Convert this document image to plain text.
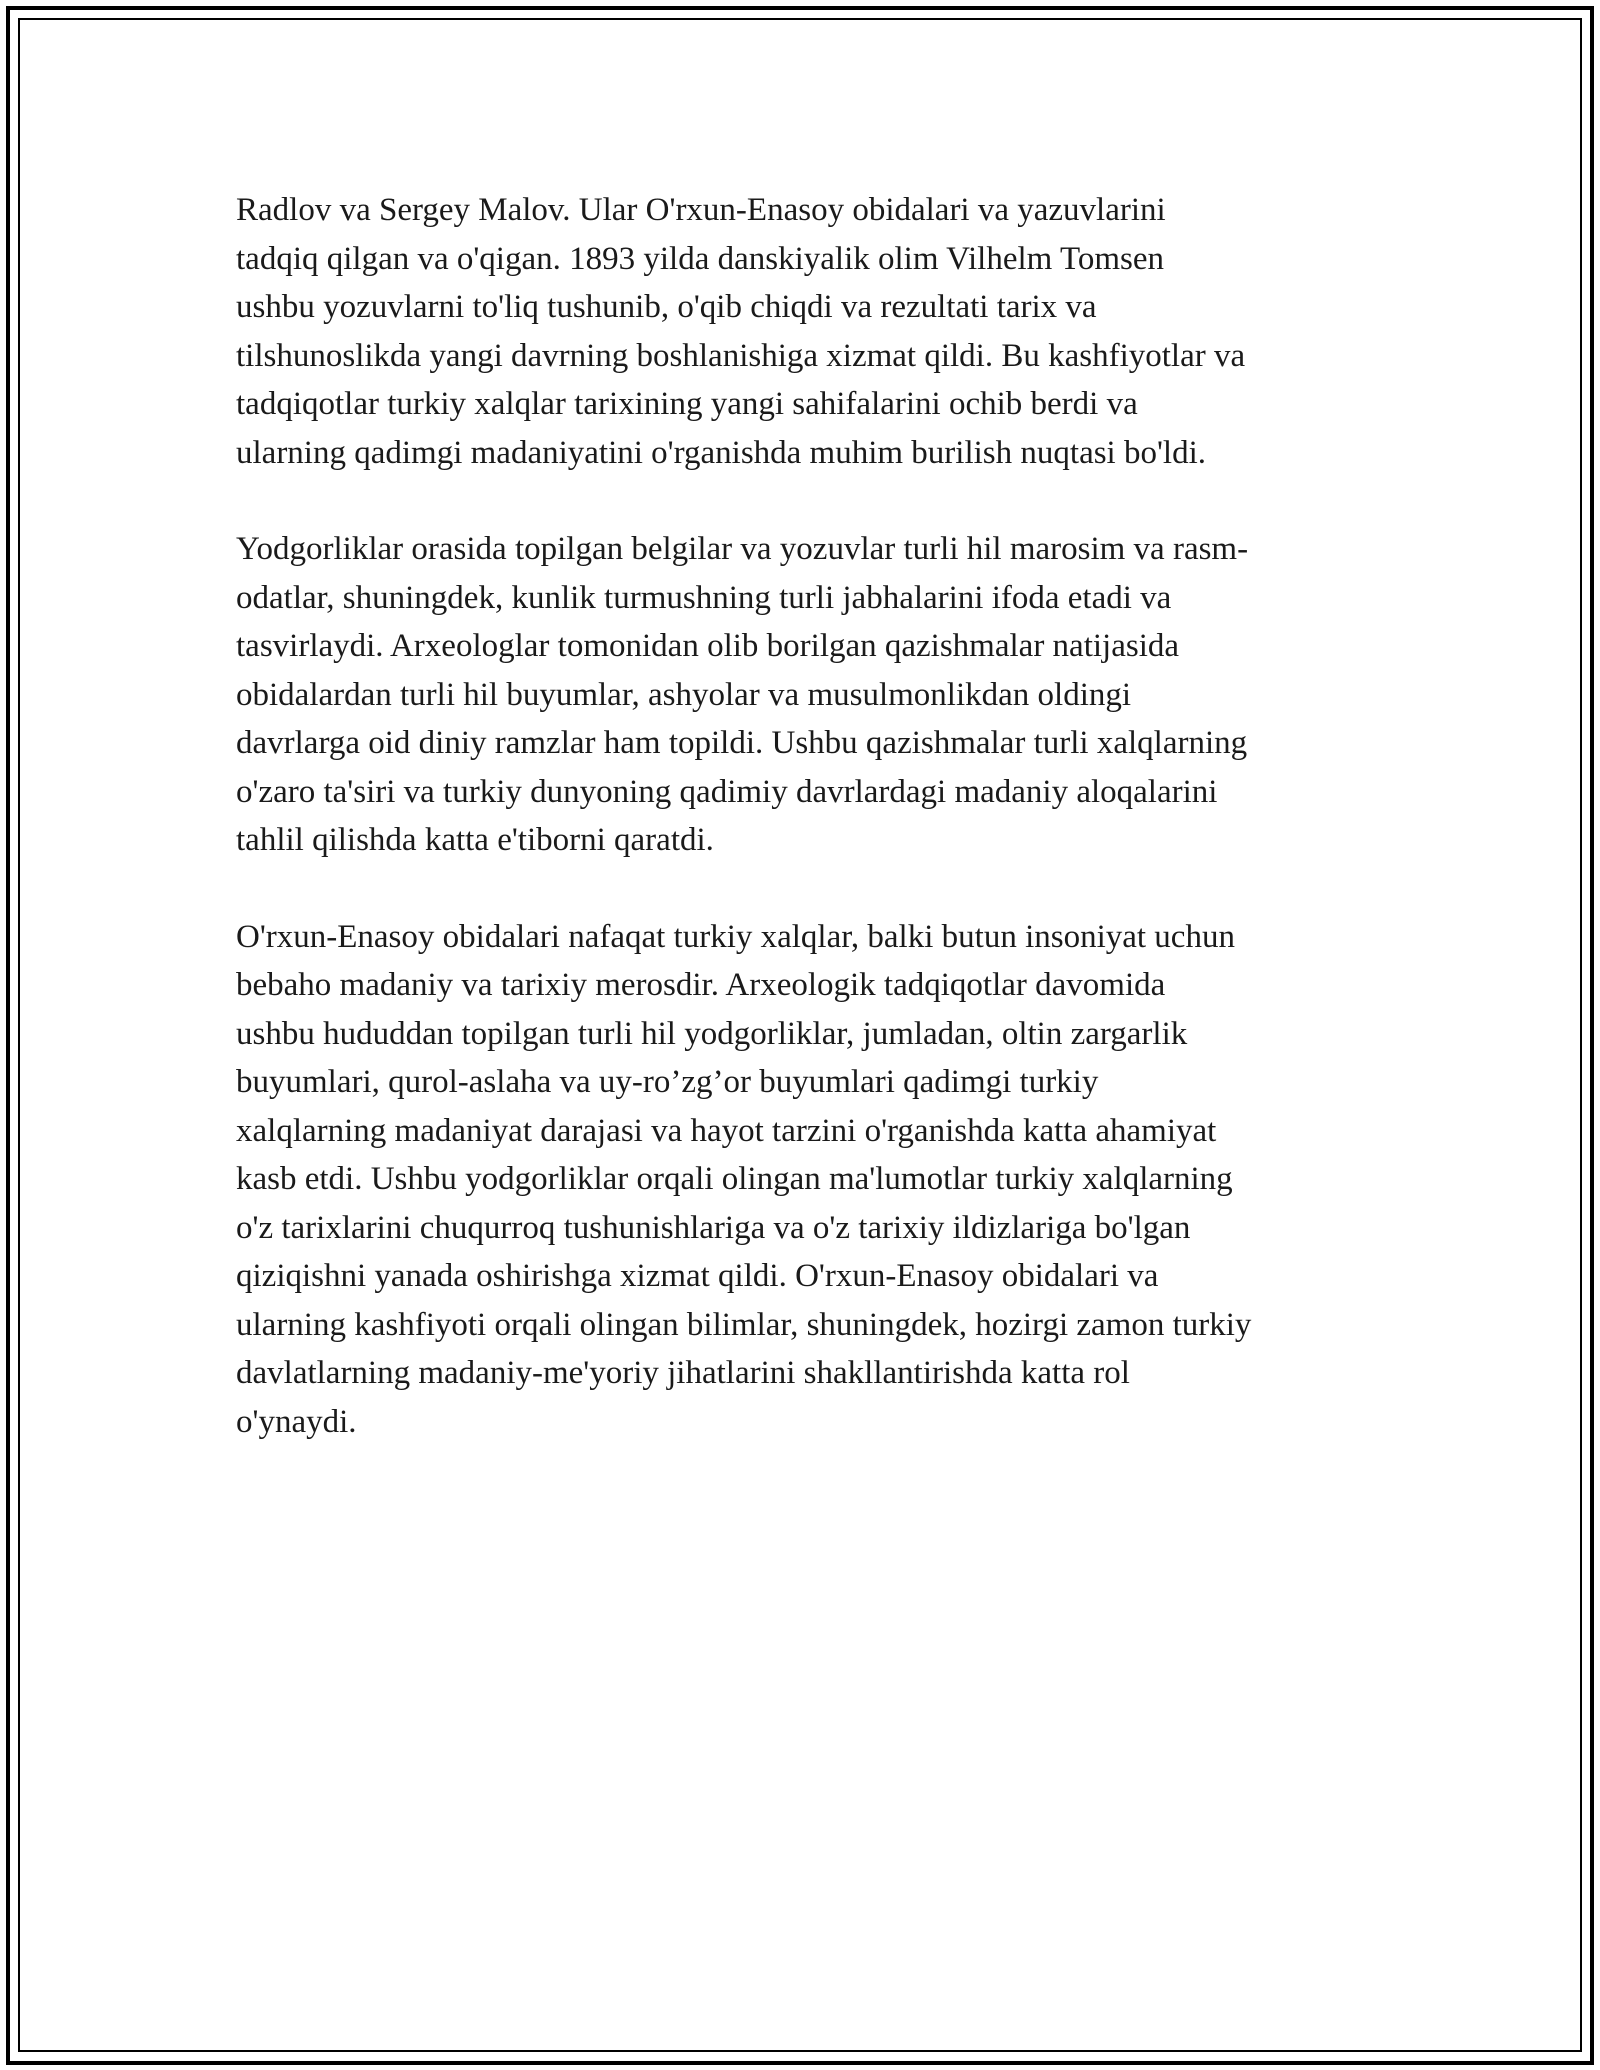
Radlov va Sergey Malov. Ular O'rxun-Enasoy obidalari va yazuvlarini
tadqiq qilgan va o'qigan. 1893 yilda danskiyalik olim Vilhelm Tomsen
ushbu yozuvlarni to'liq tushunib, o'qib chiqdi va rezultati tarix va
tilshunoslikda yangi davrning boshlanishiga xizmat qildi. Bu kashfiyotlar va
tadqiqotlar turkiy xalqlar tarixining yangi sahifalarini ochib berdi va
ularning qadimgi madaniyatini o'rganishda muhim burilish nuqtasi bo'ldi.
Yodgorliklar orasida topilgan belgilar va yozuvlar turli hil marosim va rasm-
odatlar, shuningdek, kunlik turmushning turli jabhalarini ifoda etadi va
tasvirlaydi. Arxeologlar tomonidan olib borilgan qazishmalar natijasida
obidalardan turli hil buyumlar, ashyolar va musulmonlikdan oldingi
davrlarga oid diniy ramzlar ham topildi. Ushbu qazishmalar turli xalqlarning
o'zaro ta'siri va turkiy dunyoning qadimiy davrlardagi madaniy aloqalarini
tahlil qilishda katta e'tiborni qaratdi.
O'rxun-Enasoy obidalari nafaqat turkiy xalqlar, balki butun insoniyat uchun
bebaho madaniy va tarixiy merosdir. Arxeologik tadqiqotlar davomida
ushbu hududdan topilgan turli hil yodgorliklar, jumladan, oltin zargarlik
buyumlari, qurol-aslaha va uy-ro’zg’or buyumlari qadimgi turkiy
xalqlarning madaniyat darajasi va hayot tarzini o'rganishda katta ahamiyat
kasb etdi. Ushbu yodgorliklar orqali olingan ma'lumotlar turkiy xalqlarning
o'z tarixlarini chuqurroq tushunishlariga va o'z tarixiy ildizlariga bo'lgan
qiziqishni yanada oshirishga xizmat qildi. O'rxun-Enasoy obidalari va
ularning kashfiyoti orqali olingan bilimlar, shuningdek, hozirgi zamon turkiy
davlatlarning madaniy-me'yoriy jihatlarini shakllantirishda katta rol
o'ynaydi.
